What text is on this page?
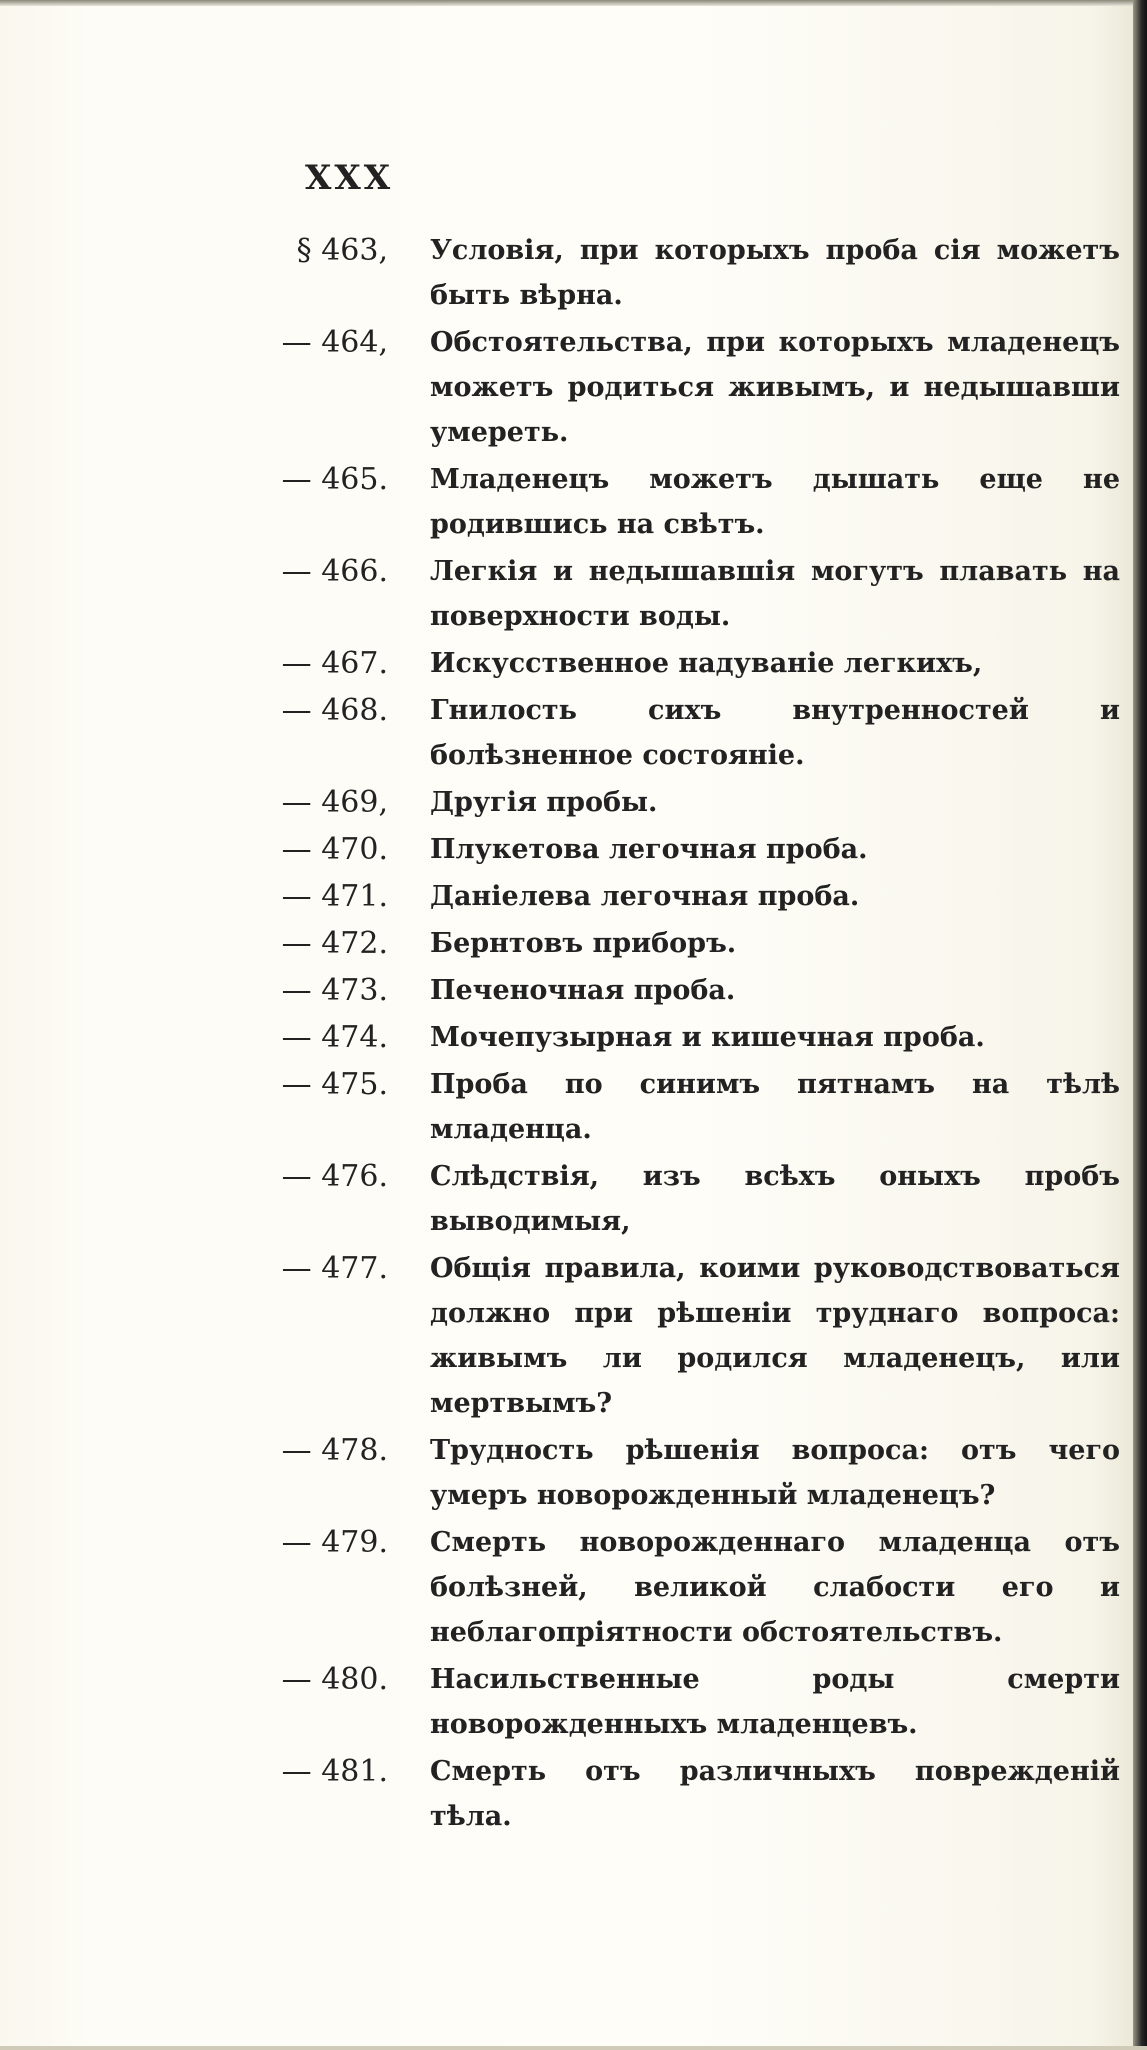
XXX
§ 463,	Условія, при которыхъ проба сія можетъ быть вѣрна.
— 464,	Обстоятельства, при которыхъ младенецъ можетъ родиться живымъ, и недышавши умереть.
— 465.	Младенецъ можетъ дышать еще не родившись на свѣтъ.
— 466.	Легкія и недышавшія могутъ плавать на поверхности воды.
— 467.	Искусственное надуваніе легкихъ,
— 468.	Гнилость сихъ внутренностей и болѣзненное состояніе.
— 469,	Другія пробы.
— 470.	Плукетова легочная проба.
— 471.	Даніелева легочная проба.
— 472.	Бернтовъ приборъ.
— 473.	Печеночная проба.
— 474.	Мочепузырная и кишечная проба.
— 475.	Проба по синимъ пятнамъ на тѣлѣ младенца.
— 476.	Слѣдствія, изъ всѣхъ оныхъ пробъ выводимыя,
— 477.	Общія правила, коими руководствоваться должно при рѣшеніи труднаго вопроса: живымъ ли родился младенецъ, или мертвымъ?
— 478.	Трудность рѣшенія вопроса: отъ чего умеръ новорожденный младенецъ?
— 479.	Смерть новорожденнаго младенца отъ болѣзней, великой слабости его и неблагопріятности обстоятельствъ.
— 480.	Насильственные роды смерти новорожденныхъ младенцевъ.
— 481.	Смерть отъ различныхъ поврежденій тѣла.
